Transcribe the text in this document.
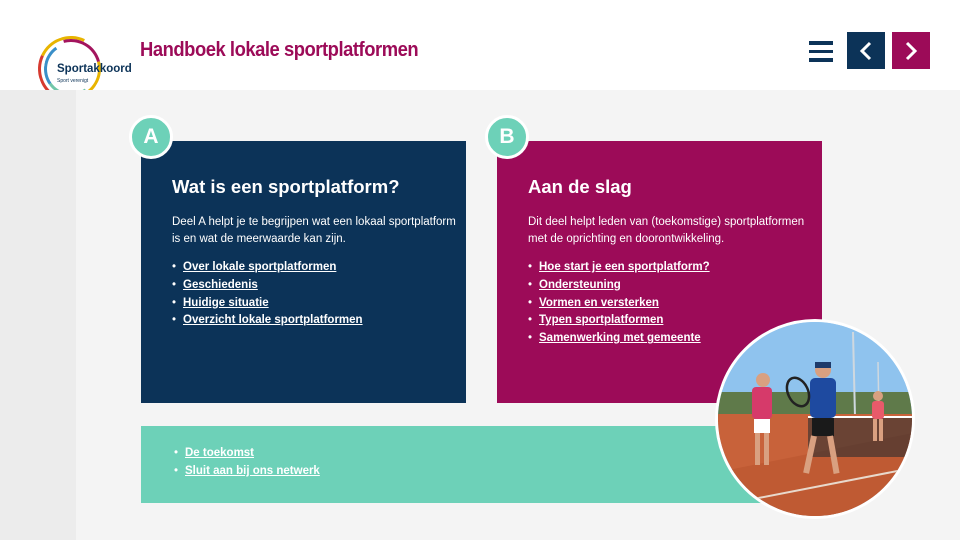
Sportakkoord
Sport verenigt
Handboek lokale sportplatformen
Wat is een sportplatform?

Deel A helpt je te begrijpen wat een lokaal sportplatform is en wat de meerwaarde kan zijn.

• Over lokale sportplatformen
• Geschiedenis
• Huidige situatie
• Overzicht lokale sportplatformen
A
Aan de slag

Dit deel helpt leden van (toekomstige) sportplatformen met de oprichting en doorontwikkeling.

• Hoe start je een sportplatform?
• Ondersteuning
• Vormen en versterken
• Typen sportplatformen
• Samenwerking met gemeente
B
• De toekomst
• Sluit aan bij ons netwerk
